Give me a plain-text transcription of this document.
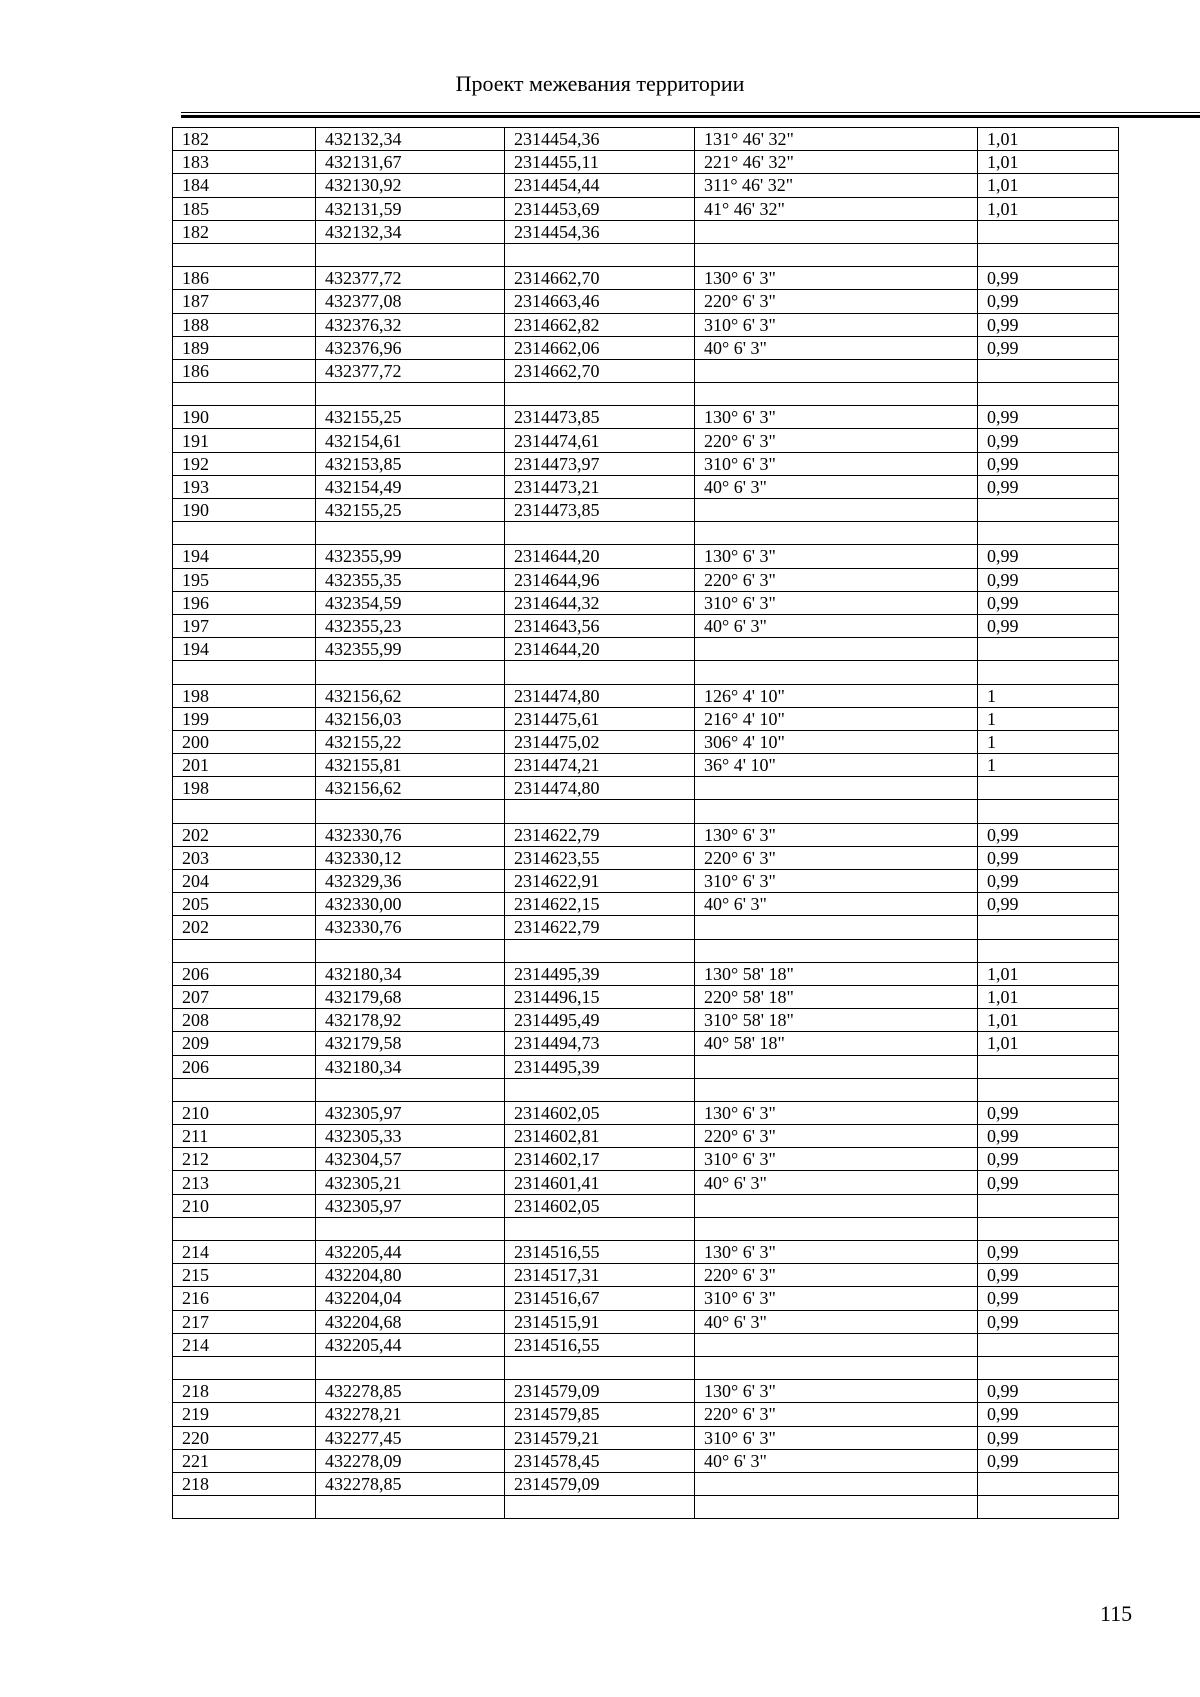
Проект межевания территории
182	432132,34	2314454,36	131° 46' 32"	1,01
183	432131,67	2314455,11	221° 46' 32"	1,01
184	432130,92	2314454,44	311° 46' 32"	1,01
185	432131,59	2314453,69	41° 46' 32"	1,01
182	432132,34	2314454,36		

186	432377,72	2314662,70	130° 6' 3"	0,99
187	432377,08	2314663,46	220° 6' 3"	0,99
188	432376,32	2314662,82	310° 6' 3"	0,99
189	432376,96	2314662,06	40° 6' 3"	0,99
186	432377,72	2314662,70		

190	432155,25	2314473,85	130° 6' 3"	0,99
191	432154,61	2314474,61	220° 6' 3"	0,99
192	432153,85	2314473,97	310° 6' 3"	0,99
193	432154,49	2314473,21	40° 6' 3"	0,99
190	432155,25	2314473,85		

194	432355,99	2314644,20	130° 6' 3"	0,99
195	432355,35	2314644,96	220° 6' 3"	0,99
196	432354,59	2314644,32	310° 6' 3"	0,99
197	432355,23	2314643,56	40° 6' 3"	0,99
194	432355,99	2314644,20		

198	432156,62	2314474,80	126° 4' 10"	1
199	432156,03	2314475,61	216° 4' 10"	1
200	432155,22	2314475,02	306° 4' 10"	1
201	432155,81	2314474,21	36° 4' 10"	1
198	432156,62	2314474,80		

202	432330,76	2314622,79	130° 6' 3"	0,99
203	432330,12	2314623,55	220° 6' 3"	0,99
204	432329,36	2314622,91	310° 6' 3"	0,99
205	432330,00	2314622,15	40° 6' 3"	0,99
202	432330,76	2314622,79		

206	432180,34	2314495,39	130° 58' 18"	1,01
207	432179,68	2314496,15	220° 58' 18"	1,01
208	432178,92	2314495,49	310° 58' 18"	1,01
209	432179,58	2314494,73	40° 58' 18"	1,01
206	432180,34	2314495,39		

210	432305,97	2314602,05	130° 6' 3"	0,99
211	432305,33	2314602,81	220° 6' 3"	0,99
212	432304,57	2314602,17	310° 6' 3"	0,99
213	432305,21	2314601,41	40° 6' 3"	0,99
210	432305,97	2314602,05		

214	432205,44	2314516,55	130° 6' 3"	0,99
215	432204,80	2314517,31	220° 6' 3"	0,99
216	432204,04	2314516,67	310° 6' 3"	0,99
217	432204,68	2314515,91	40° 6' 3"	0,99
214	432205,44	2314516,55		

218	432278,85	2314579,09	130° 6' 3"	0,99
219	432278,21	2314579,85	220° 6' 3"	0,99
220	432277,45	2314579,21	310° 6' 3"	0,99
221	432278,09	2314578,45	40° 6' 3"	0,99
218	432278,85	2314579,09		

115
